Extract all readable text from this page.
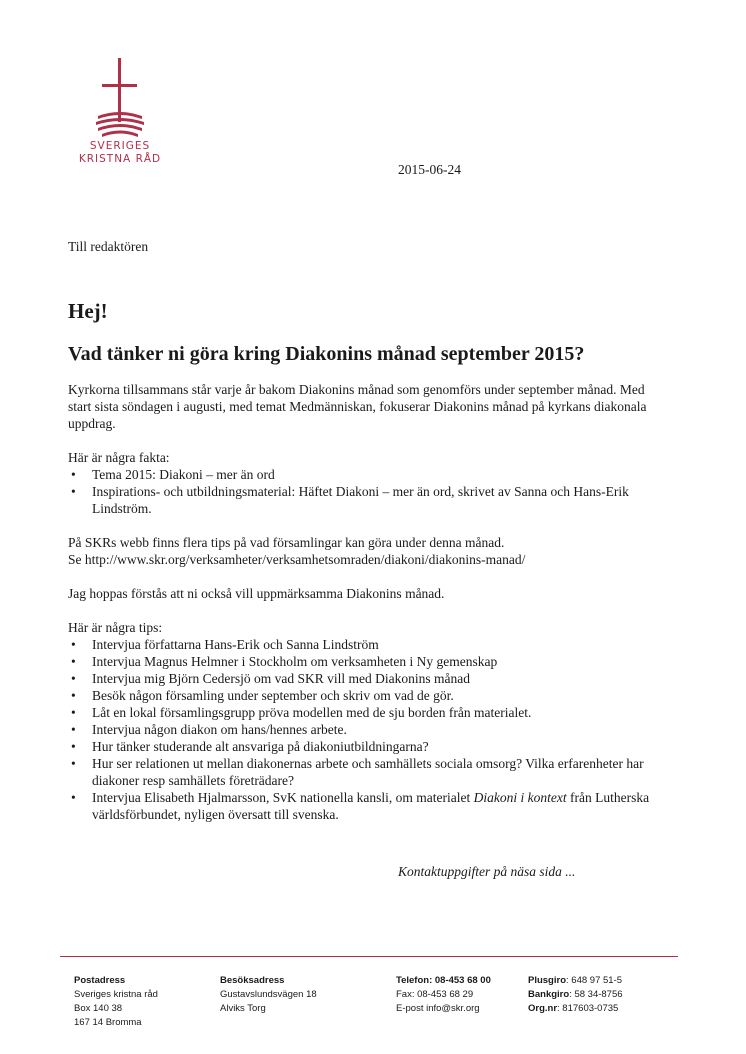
SVERIGES
KRISTNA RÅD
2015-06-24
Till redaktören
Hej!
Vad tänker ni göra kring Diakonins månad september 2015?

Kyrkorna tillsammans står varje år bakom Diakonins månad som genomförs under september månad. Med start sista söndagen i augusti, med temat Medmänniskan, fokuserar Diakonins månad på kyrkans diakonala uppdrag.

Här är några fakta:

• Tema 2015: Diakoni – mer än ord
• Inspirations- och utbildningsmaterial: Häftet Diakoni – mer än ord, skrivet av Sanna och Hans-Erik Lindström.

På SKRs webb finns flera tips på vad församlingar kan göra under denna månad.

Se http://www.skr.org/verksamheter/verksamhetsomraden/diakoni/diakonins-manad/

Jag hoppas förstås att ni också vill uppmärksamma Diakonins månad.

Här är några tips:

• Intervjua författarna Hans-Erik och Sanna Lindström
• Intervjua Magnus Helmner i Stockholm om verksamheten i Ny gemenskap
• Intervjua mig Björn Cedersjö om vad SKR vill med Diakonins månad
• Besök någon församling under september och skriv om vad de gör.
• Låt en lokal församlingsgrupp pröva modellen med de sju borden från materialet.
• Intervjua någon diakon om hans/hennes arbete.
• Hur tänker studerande alt ansvariga på diakoniutbildningarna?
• Hur ser relationen ut mellan diakonernas arbete och samhällets sociala omsorg? Vilka erfarenheter har diakoner resp samhällets företrädare?
• Intervjua Elisabeth Hjalmarsson, SvK nationella kansli, om materialet Diakoni i kontext från Lutherska världsförbundet, nyligen översatt till svenska.
Kontaktuppgifter på näsa sida ...
Postadress
Sveriges kristna råd
Box 140 38
167 14 Bromma
Besöksadress
Gustavslundsvägen 18
Alviks Torg
Telefon: 08-453 68 00
Fax: 08-453 68 29
E-post info@skr.org
Plusgiro: 648 97 51-5
Bankgiro: 58 34-8756
Org.nr: 817603-0735
